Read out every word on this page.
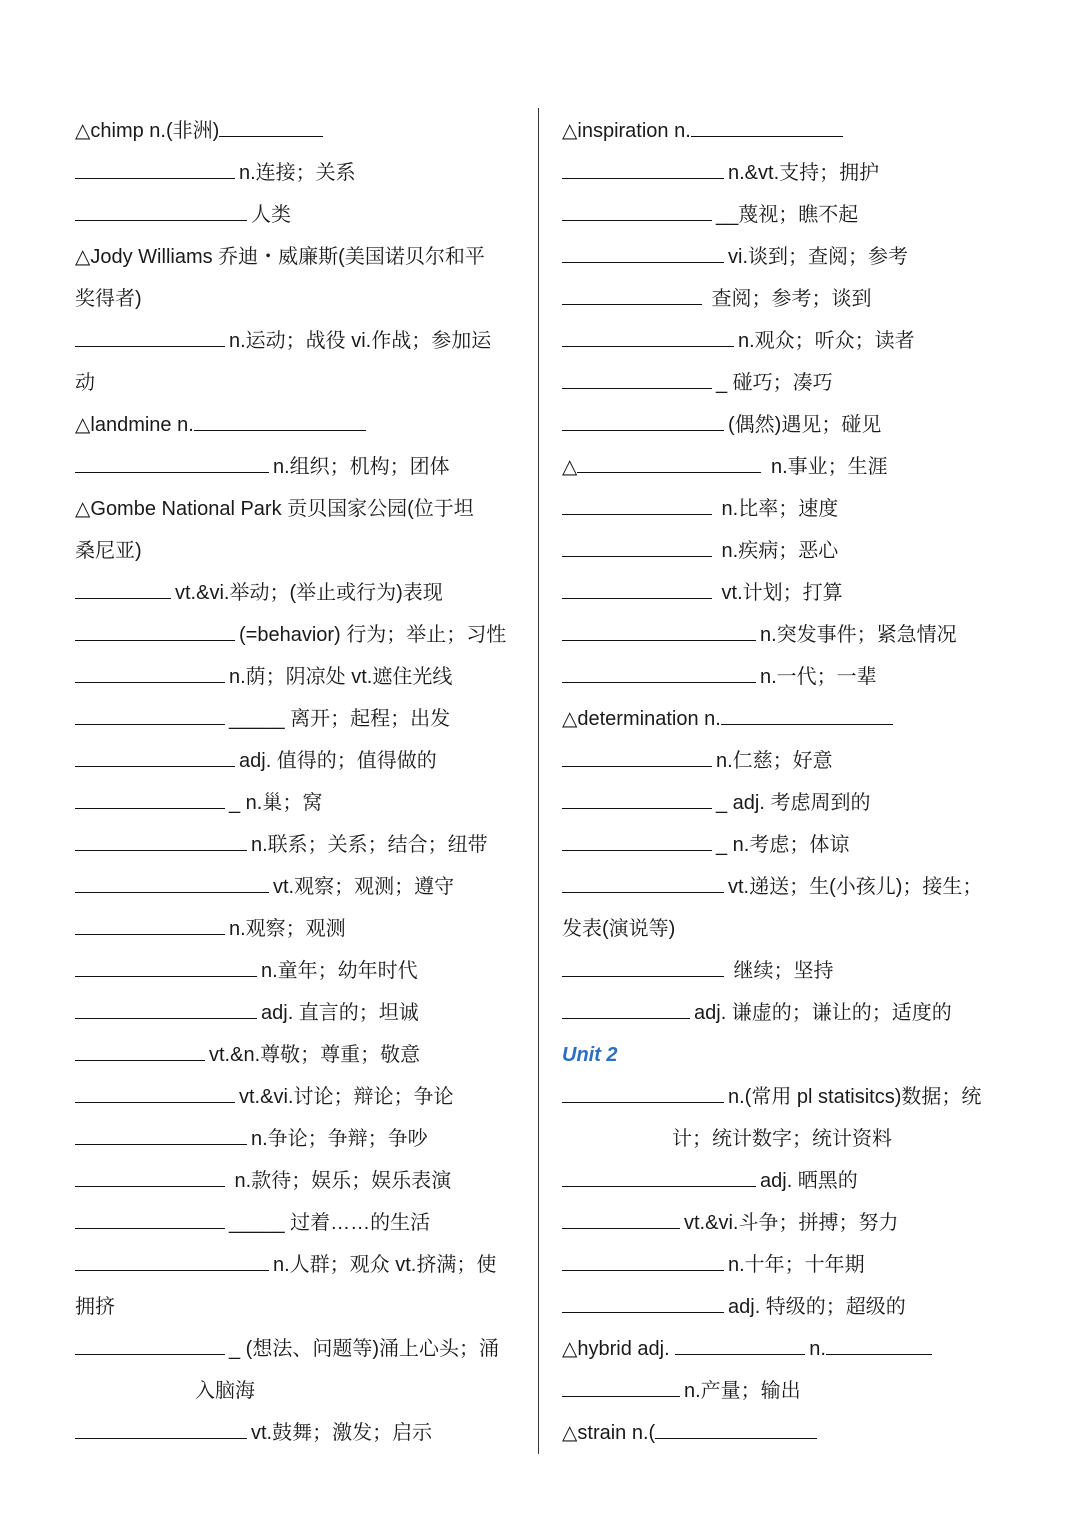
△chimp n.(非洲)
n.连接；关系
人类
△Jody Williams 乔迪・威廉斯(美国诺贝尔和平
奖得者)
n.运动；战役 vi.作战；参加运
动
△landmine n.
n.组织；机构；团体
△Gombe National Park 贡贝国家公园(位于坦
桑尼亚)
vt.&vi.举动；(举止或行为)表现
(=behavior) 行为；举止；习性
n.荫；阴凉处 vt.遮住光线
_____ 离开；起程；出发
adj. 值得的；值得做的
_ n.巢；窝
n.联系；关系；结合；纽带
vt.观察；观测；遵守
n.观察；观测
n.童年；幼年时代
adj. 直言的；坦诚
vt.&n.尊敬；尊重；敬意
vt.&vi.讨论；辩论；争论
n.争论；争辩；争吵
n.款待；娱乐；娱乐表演
_____ 过着……的生活
n.人群；观众 vt.挤满；使
拥挤
_ (想法、问题等)涌上心头；涌
入脑海
vt.鼓舞；激发；启示
△inspiration n.
n.&vt.支持；拥护
__蔑视；瞧不起
vi.谈到；查阅；参考
查阅；参考；谈到
n.观众；听众；读者
_ 碰巧；凑巧
(偶然)遇见；碰见
△	n.事业；生涯
n.比率；速度
n.疾病；恶心
vt.计划；打算
n.突发事件；紧急情况
n.一代；一辈
△determination n.
n.仁慈；好意
_ adj. 考虑周到的
_ n.考虑；体谅
vt.递送；生(小孩儿)；接生；
发表(演说等)
继续；坚持
adj. 谦虚的；谦让的；适度的
Unit 2
n.(常用 pl statisitcs)数据；统
计；统计数字；统计资料
adj. 晒黑的
vt.&vi.斗争；拼搏；努力
n.十年；十年期
adj. 特级的；超级的
△hybrid adj.	n.
n.产量；输出
△strain n.(
